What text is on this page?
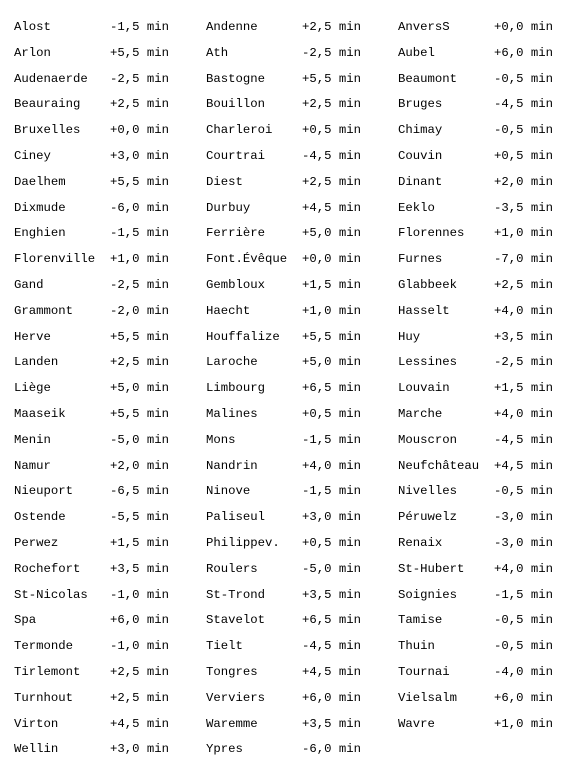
Alost	-1,5 min
Arlon	+5,5 min
Audenaerde -2,5 min
Beauraing +2,5 min
Bruxelles +0,0 min
Ciney	+3,0 min
Daelhem	+5,5 min
Dixmude	-6,0 min
Enghien	-1,5 min
Florenville +1,0 min
Gand	-2,5 min
Grammont	-2,0 min
Herve	+5,5 min
Landen	+2,5 min
Liège	+5,0 min
Maaseik	+5,5 min
Menin	-5,0 min
Namur	+2,0 min
Nieuport	-6,5 min
Ostende	-5,5 min
Perwez	+1,5 min
Rochefort +3,5 min
St-Nicolas -1,0 min
Spa	+6,0 min
Termonde	-1,0 min
Tirlemont +2,5 min
Turnhout	+2,5 min
Virton	+4,5 min
Wellin	+3,0 min
Andenne	+2,5 min
Ath	-2,5 min
Bastogne	+5,5 min
Bouillon	+2,5 min
Charleroi +0,5 min
Courtrai	-4,5 min
Diest	+2,5 min
Durbuy	+4,5 min
Ferrière	+5,0 min
Font.Évêque +0,0 min
Gembloux	+1,5 min
Haecht	+1,0 min
Houffalize +5,5 min
Laroche	+5,0 min
Limbourg	+6,5 min
Malines	+0,5 min
Mons	-1,5 min
Nandrin	+4,0 min
Ninove	-1,5 min
Paliseul	+3,0 min
Philippev. +0,5 min
Roulers	-5,0 min
St-Trond	+3,5 min
Stavelot	+6,5 min
Tielt	-4,5 min
Tongres	+4,5 min
Verviers	+6,0 min
Waremme	+3,5 min
Ypres	-6,0 min
AnversS	+0,0 min
Aubel	+6,0 min
Beaumont	-0,5 min
Bruges	-4,5 min
Chimay	-0,5 min
Couvin	+0,5 min
Dinant	+2,0 min
Eeklo	-3,5 min
Florennes +1,0 min
Furnes	-7,0 min
Glabbeek	+2,5 min
Hasselt	+4,0 min
Huy	+3,5 min
Lessines	-2,5 min
Louvain	+1,5 min
Marche	+4,0 min
Mouscron	-4,5 min
Neufchâteau +4,5 min
Nivelles	-0,5 min
Péruwelz	-3,0 min
Renaix	-3,0 min
St-Hubert +4,0 min
Soignies	-1,5 min
Tamise	-0,5 min
Thuin	-0,5 min
Tournai	-4,0 min
Vielsalm	+6,0 min
Wavre	+1,0 min
